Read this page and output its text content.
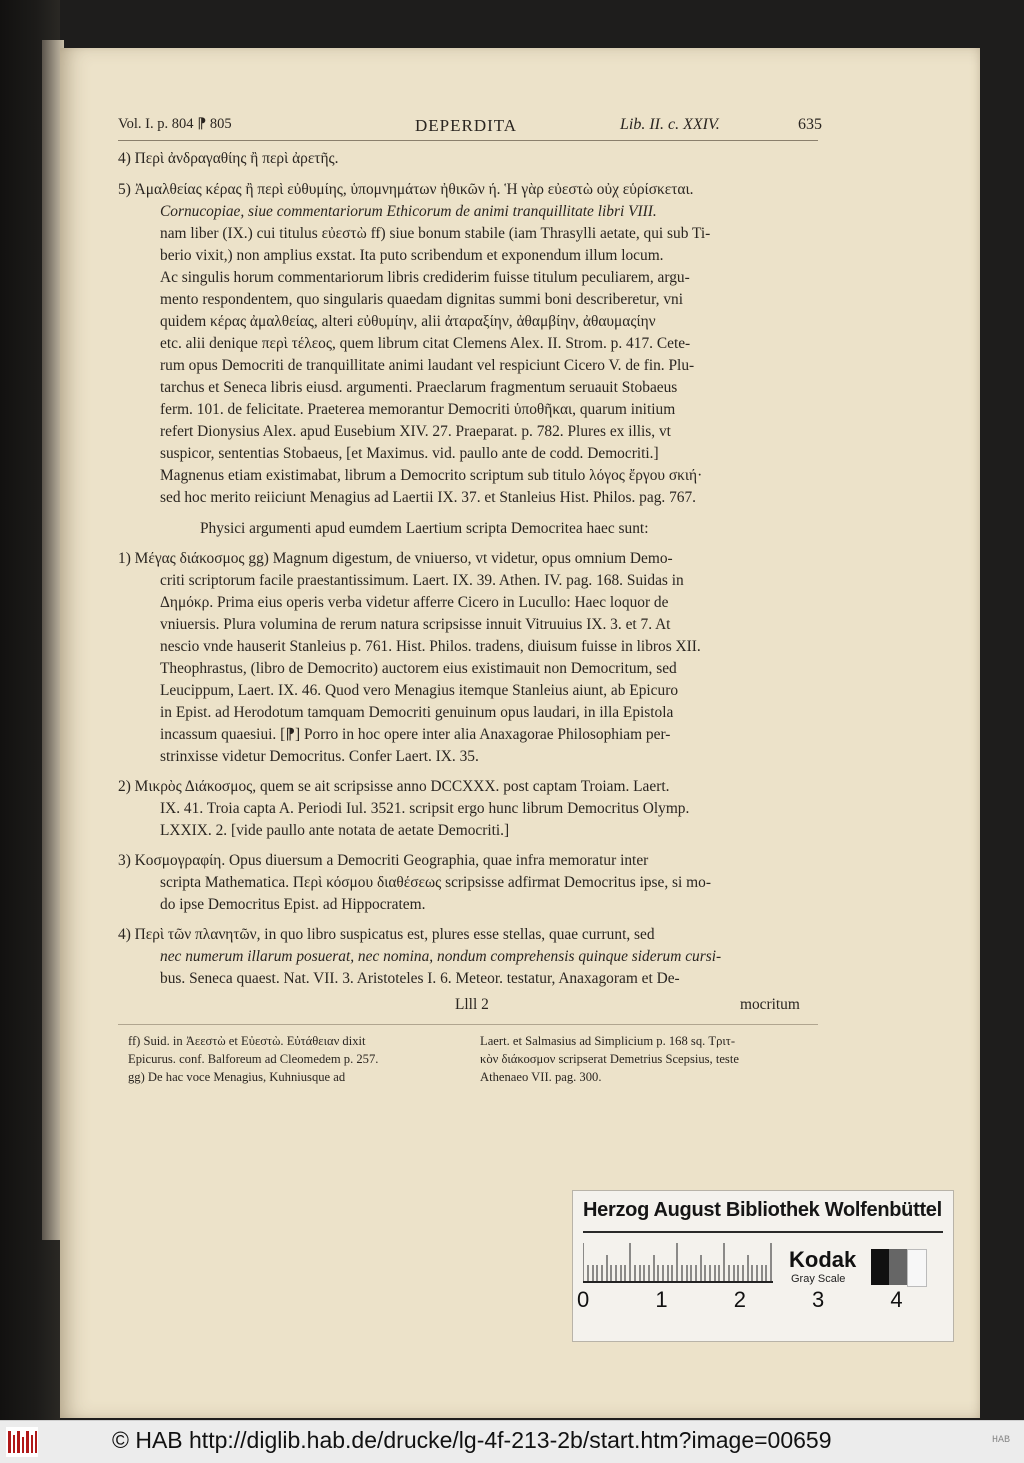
Vol. I. p. 804 ⁋ 805	DEPERDITA	Lib. II. c. XXIV.	635
4) Περὶ ἀνδραγαθίης ἢ περὶ ἀρετῆς.
5) Ἀμαλθείας κέρας ἢ περὶ εὐθυμίης, ὑπομνημάτων ἠθικῶν ή. Ἡ γὰρ εὐεστὼ οὐχ εὑρίσκεται.
Cornucopiae, siue commentariorum Ethicorum de animi tranquillitate libri VIII.
nam liber (IX.) cui titulus εὐεστὼ ff) siue bonum stabile (iam Thrasylli aetate, qui sub Ti-
berio vixit,) non amplius exstat. Ita puto scribendum et exponendum illum locum.
Ac singulis horum commentariorum libris crediderim fuisse titulum peculiarem, argu-
mento respondentem, quo singularis quaedam dignitas summi boni describeretur, vni
quidem κέρας ἀμαλθείας, alteri εὐθυμίην, alii ἀταραξίην, ἀθαμβίην, ἀθαυμαςίην
etc. alii denique περὶ τέλεος, quem librum citat Clemens Alex. II. Strom. p. 417. Cete-
rum opus Democriti de tranquillitate animi laudant vel respiciunt Cicero V. de fin. Plu-
tarchus et Seneca libris eiusd. argumenti. Praeclarum fragmentum seruauit Stobaeus
ferm. 101. de felicitate. Praeterea memorantur Democriti ὑποθῆκαι, quarum initium
refert Dionysius Alex. apud Eusebium XIV. 27. Praeparat. p. 782. Plures ex illis, vt
suspicor, sententias Stobaeus, [et Maximus. vid. paullo ante de codd. Democriti.]
Magnenus etiam existimabat, librum a Democrito scriptum sub titulo λόγος ἔργου σκιή·
sed hoc merito reiiciunt Menagius ad Laertii IX. 37. et Stanleius Hist. Philos. pag. 767.
Physici argumenti apud eumdem Laertium scripta Democritea haec sunt:
1) Μέγας διάκοσμος gg) Magnum digestum, de vniuerso, vt videtur, opus omnium Demo-
criti scriptorum facile praestantissimum. Laert. IX. 39. Athen. IV. pag. 168. Suidas in
Δημόκρ. Prima eius operis verba videtur afferre Cicero in Lucullo: Haec loquor de
vniuersis. Plura volumina de rerum natura scripsisse innuit Vitruuius IX. 3. et 7. At
nescio vnde hauserit Stanleius p. 761. Hist. Philos. tradens, diuisum fuisse in libros XII.
Theophrastus, (libro de Democrito) auctorem eius existimauit non Democritum, sed
Leucippum, Laert. IX. 46. Quod vero Menagius itemque Stanleius aiunt, ab Epicuro
in Epist. ad Herodotum tamquam Democriti genuinum opus laudari, in illa Epistola
incassum quaesiui. [⁋] Porro in hoc opere inter alia Anaxagorae Philosophiam per-
strinxisse videtur Democritus. Confer Laert. IX. 35.
2) Μικρὸς Διάκοσμος, quem se ait scripsisse anno DCCXXX. post captam Troiam. Laert.
IX. 41. Troia capta A. Periodi Iul. 3521. scripsit ergo hunc librum Democritus Olymp.
LXXIX. 2. [vide paullo ante notata de aetate Democriti.]
3) Κοσμογραφίη. Opus diuersum a Democriti Geographia, quae infra memoratur inter
scripta Mathematica. Περὶ κόσμου διαθέσεως scripsisse adfirmat Democritus ipse, si mo-
do ipse Democritus Epist. ad Hippocratem.
4) Περὶ τῶν πλανητῶν, in quo libro suspicatus est, plures esse stellas, quae currunt, sed
nec numerum illarum posuerat, nec nomina, nondum comprehensis quinque siderum cursi-
bus. Seneca quaest. Nat. VII. 3. Aristoteles I. 6. Meteor. testatur, Anaxagoram et De-
Llll 2	mocritum
ff) Suid. in Ἀεεστὼ et Εὐεστὼ. Εὐτάθειαν dixit
Epicurus. conf. Balforeum ad Cleomedem p. 257.
gg) De hac voce Menagius, Kuhniusque ad
Laert. et Salmasius ad Simplicium p. 168 sq. Τριτ-
κὸν διάκοσμον scripserat Demetrius Scepsius, teste
Athenaeo VII. pag. 300.
Herzog August Bibliothek Wolfenbüttel
0 1 2 3 4
Kodak
Gray Scale
© HAB http://diglib.hab.de/drucke/lg-4f-213-2b/start.htm?image=00659	HAB
